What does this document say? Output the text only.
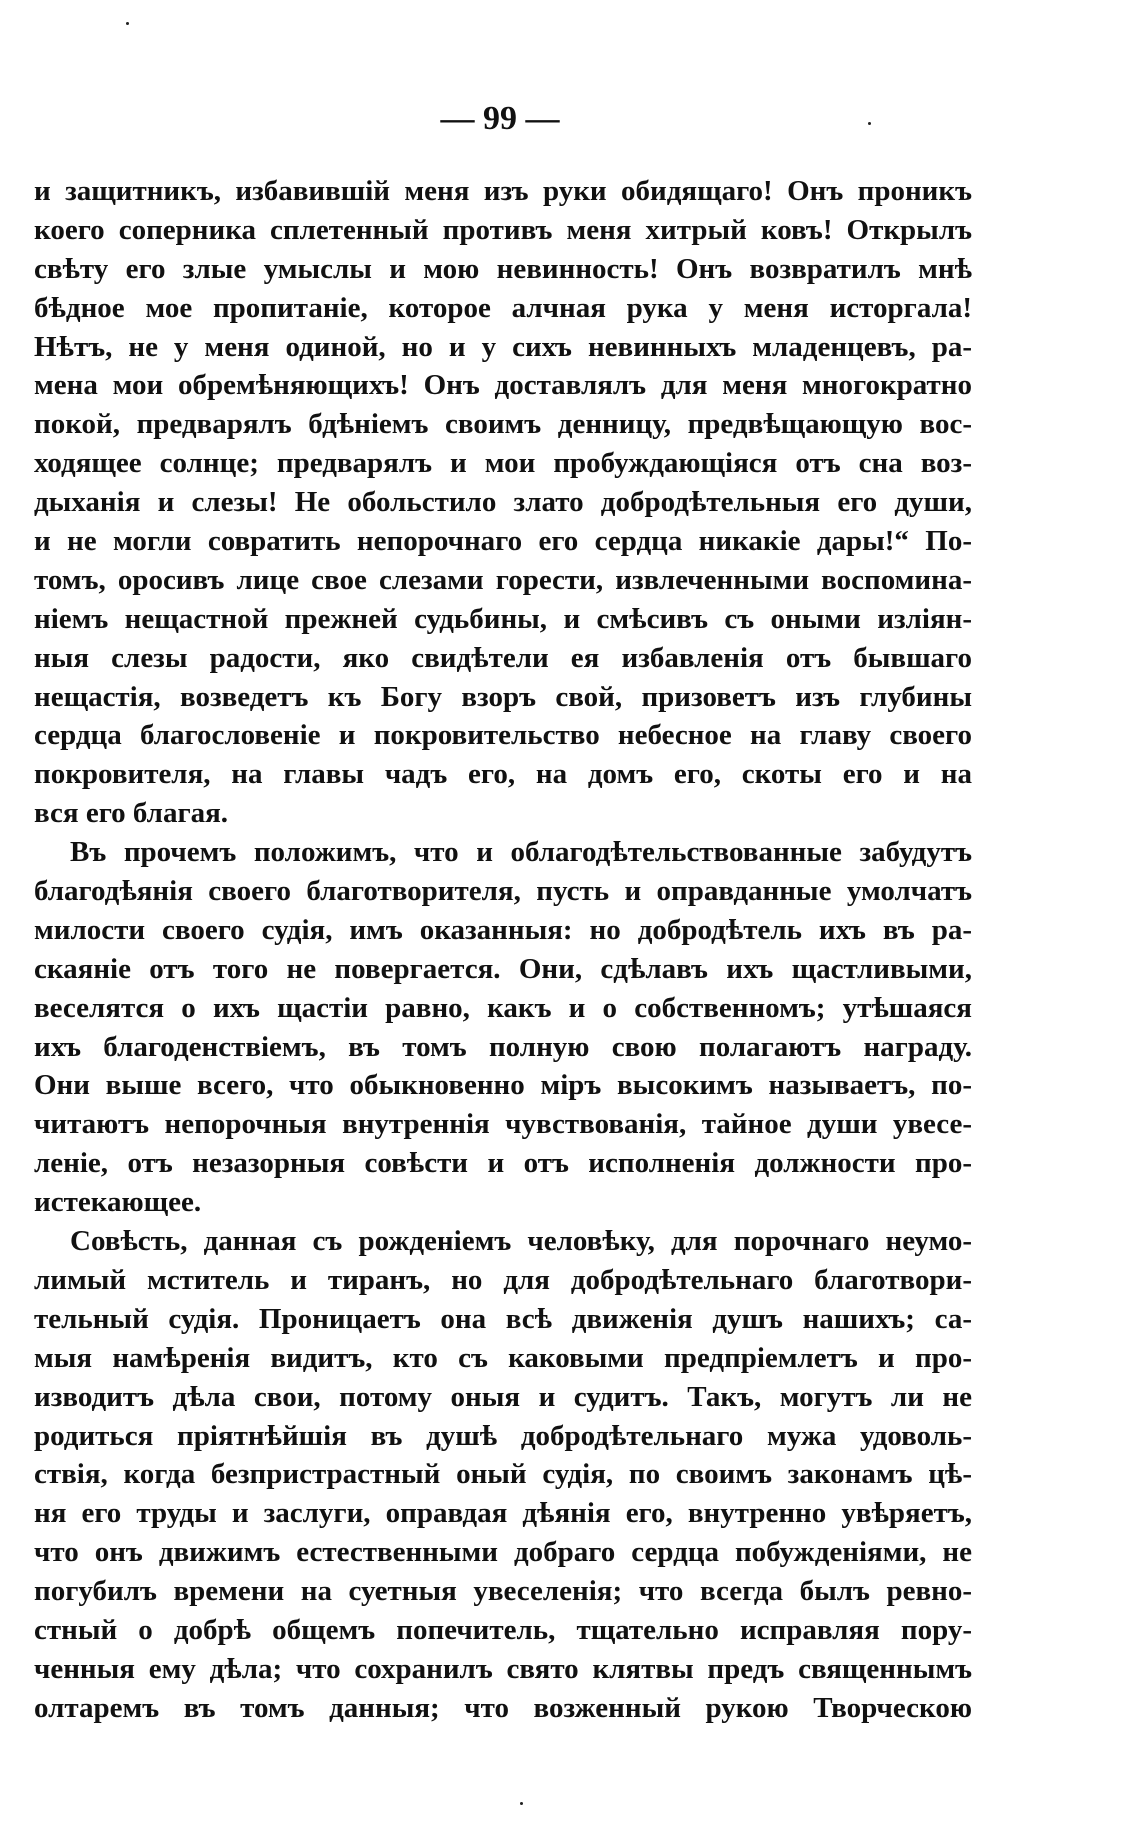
— 99 —
и защитникъ, избавившій меня изъ руки обидящаго! Онъ проникъ
коего соперника сплетенный противъ меня хитрый ковъ! Открылъ
свѣту его злые умыслы и мою невинность! Онъ возвратилъ мнѣ
бѣдное мое пропитаніе, которое алчная рука у меня исторгала!
Нѣтъ, не у меня одиной, но и у сихъ невинныхъ младенцевъ, ра-
мена мои обремѣняющихъ! Онъ доставлялъ для меня многократно
покой, предварялъ бдѣніемъ своимъ денницу, предвѣщающую вос-
ходящее солнце; предварялъ и мои пробуждающіяся отъ сна воз-
дыханія и слезы! Не обольстило злато добродѣтельныя его души,
и не могли совратить непорочнаго его сердца никакіе дары!“ По-
томъ, оросивъ лице свое слезами горести, извлеченными воспомина-
ніемъ нещастной прежней судьбины, и смѣсивъ съ оными изліян-
ныя слезы радости, яко свидѣтели ея избавленія отъ бывшаго
нещастія, возведетъ къ Богу взоръ свой, призоветъ изъ глубины
сердца благословеніе и покровительство небесное на главу своего
покровителя, на главы чадъ его, на домъ его, скоты его и на
вся его благая.
Въ прочемъ положимъ, что и облагодѣтельствованные забудутъ
благодѣянія своего благотворителя, пусть и оправданные умолчатъ
милости своего судія, имъ оказанныя: но добродѣтель ихъ въ ра-
скаяніе отъ того не повергается. Они, сдѣлавъ ихъ щастливыми,
веселятся о ихъ щастіи равно, какъ и о собственномъ; утѣшаяся
ихъ благоденствіемъ, въ томъ полную свою полагаютъ награду.
Они выше всего, что обыкновенно міръ высокимъ называетъ, по-
читаютъ непорочныя внутреннія чувствованія, тайное души увесе-
леніе, отъ незазорныя совѣсти и отъ исполненія должности про-
истекающее.
Совѣсть, данная съ рожденіемъ человѣку, для порочнаго неумо-
лимый мститель и тиранъ, но для добродѣтельнаго благотвори-
тельный судія. Проницаетъ она всѣ движенія душъ нашихъ; са-
мыя намѣренія видитъ, кто съ каковыми предпріемлетъ и про-
изводитъ дѣла свои, потому оныя и судитъ. Такъ, могутъ ли не
родиться пріятнѣйшія въ душѣ добродѣтельнаго мужа удоволь-
ствія, когда безпристрастный оный судія, по своимъ законамъ цѣ-
ня его труды и заслуги, оправдая дѣянія его, внутренно увѣряетъ,
что онъ движимъ естественными добраго сердца побужденіями, не
погубилъ времени на суетныя увеселенія; что всегда былъ ревно-
стный о добрѣ общемъ попечитель, тщательно исправляя пору-
ченныя ему дѣла; что сохранилъ свято клятвы предъ священнымъ
олтаремъ въ томъ данныя; что возженный рукою Творческою
